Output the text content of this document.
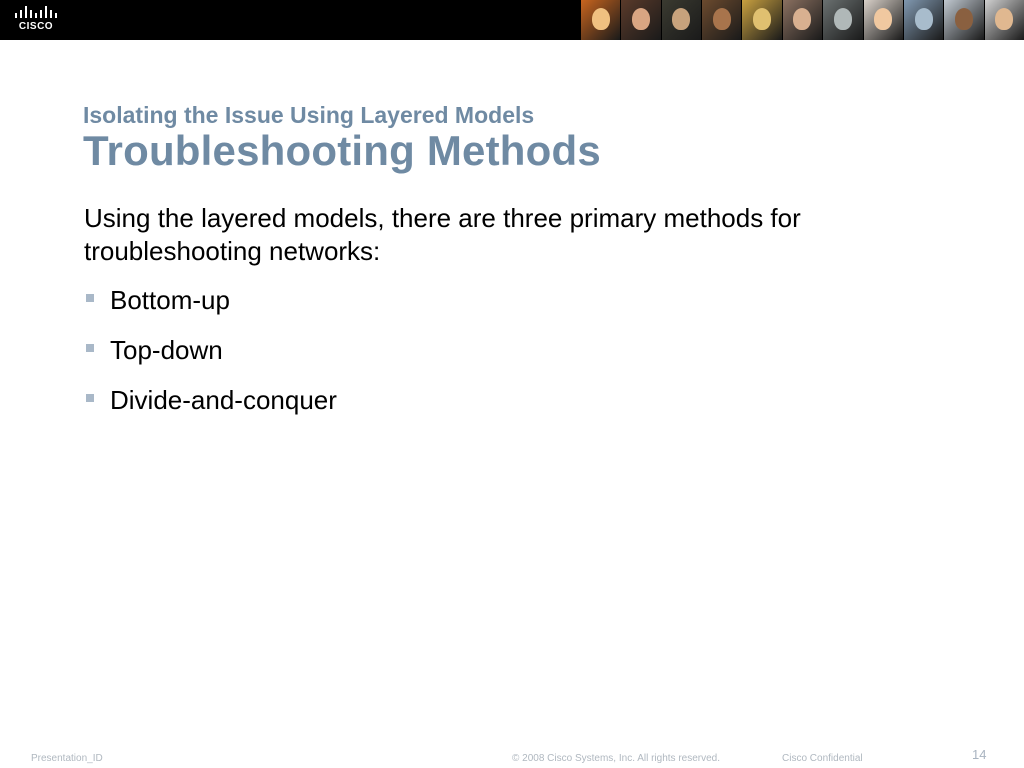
CISCO
Isolating the Issue Using Layered Models
Troubleshooting Methods
Using the layered models, there are three primary methods for troubleshooting networks:
Bottom-up
Top-down
Divide-and-conquer
Presentation_ID	© 2008 Cisco Systems, Inc. All rights reserved.	Cisco Confidential	14
